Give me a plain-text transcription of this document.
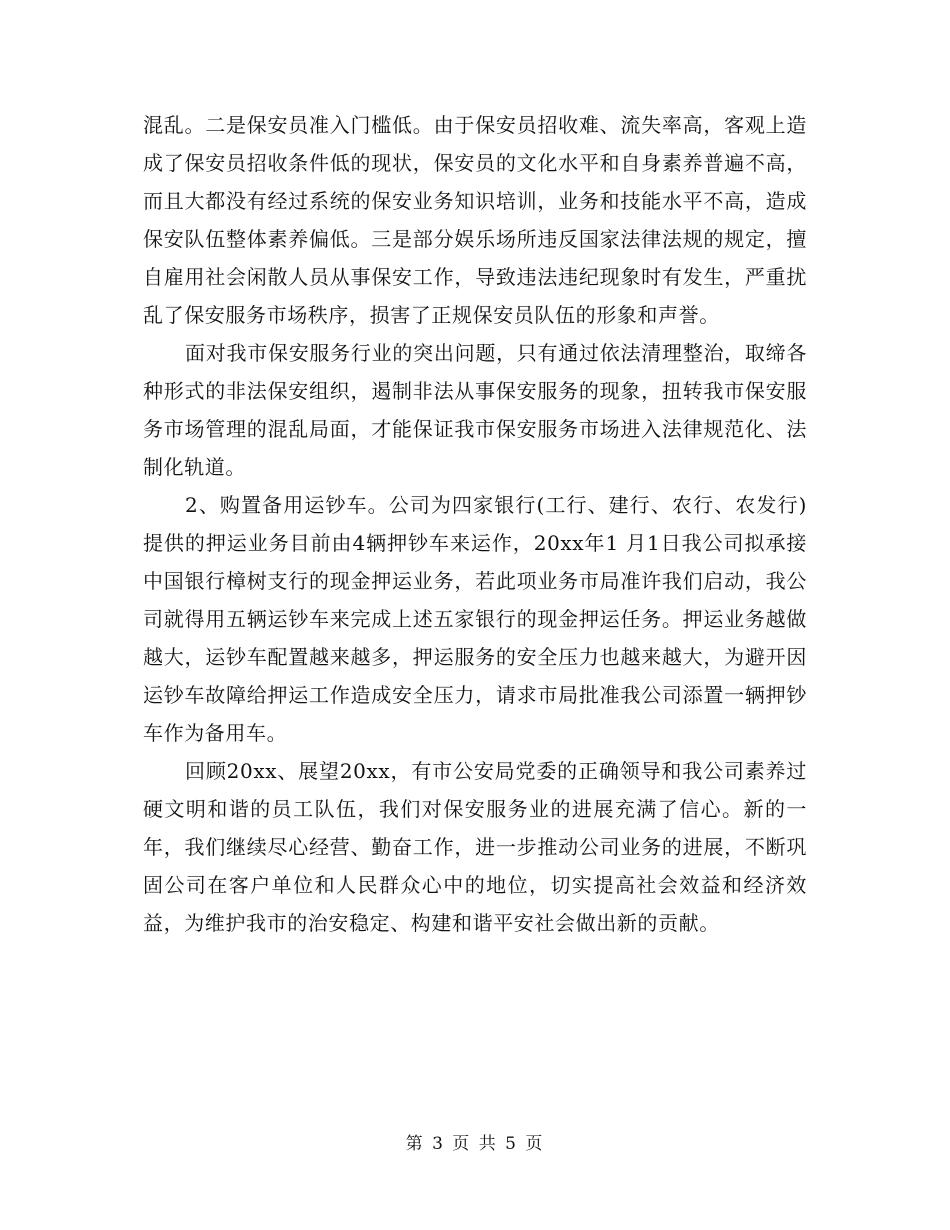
混乱。二是保安员准入门槛低。由于保安员招收难、流失率高，客观上造成了保安员招收条件低的现状，保安员的文化水平和自身素养普遍不高，而且大都没有经过系统的保安业务知识培训，业务和技能水平不高，造成保安队伍整体素养偏低。三是部分娱乐场所违反国家法律法规的规定，擅自雇用社会闲散人员从事保安工作，导致违法违纪现象时有发生，严重扰乱了保安服务市场秩序，损害了正规保安员队伍的形象和声誉。

面对我市保安服务行业的突出问题，只有通过依法清理整治，取缔各种形式的非法保安组织，遏制非法从事保安服务的现象，扭转我市保安服务市场管理的混乱局面，才能保证我市保安服务市场进入法律规范化、法制化轨道。

2、购置备用运钞车。公司为四家银行(工行、建行、农行、农发行)提供的押运业务目前由4辆押钞车来运作，20xx年1 月1日我公司拟承接中国银行樟树支行的现金押运业务，若此项业务市局准许我们启动，我公司就得用五辆运钞车来完成上述五家银行的现金押运任务。押运业务越做越大，运钞车配置越来越多，押运服务的安全压力也越来越大，为避开因运钞车故障给押运工作造成安全压力，请求市局批准我公司添置一辆押钞车作为备用车。

回顾20xx、展望20xx，有市公安局党委的正确领导和我公司素养过硬文明和谐的员工队伍，我们对保安服务业的进展充满了信心。新的一年，我们继续尽心经营、勤奋工作，进一步推动公司业务的进展，不断巩固公司在客户单位和人民群众心中的地位，切实提高社会效益和经济效益，为维护我市的治安稳定、构建和谐平安社会做出新的贡献。

第 3 页 共 5 页
